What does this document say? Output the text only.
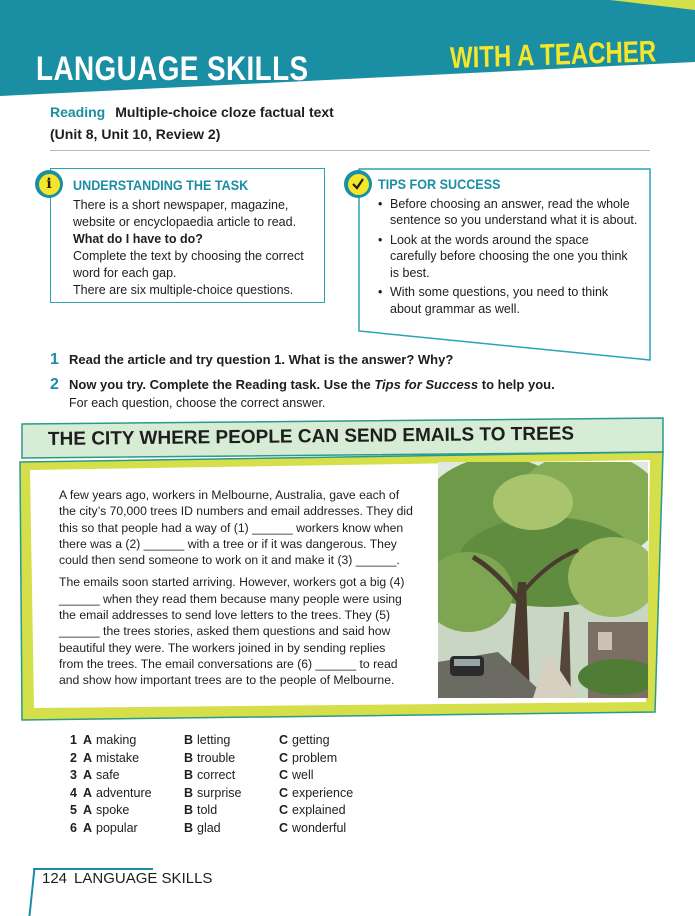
LANGUAGE SKILLS	WITH A TEACHER
Reading Multiple-choice cloze factual text
(Unit 8, Unit 10, Review 2)
UNDERSTANDING THE TASK
There is a short newspaper, magazine, website or encyclopaedia article to read.
What do I have to do?
Complete the text by choosing the correct word for each gap.
There are six multiple-choice questions.
i	TIPS FOR SUCCESS
• Before choosing an answer, read the whole sentence so you understand what it is about.
• Look at the words around the space carefully before choosing the one you think is best.
• With some questions, you need to think about grammar as well.
1 Read the article and try question 1. What is the answer? Why?
2 Now you try. Complete the Reading task. Use the Tips for Success to help you.
For each question, choose the correct answer.
THE CITY WHERE PEOPLE CAN SEND EMAILS TO TREES

A few years ago, workers in Melbourne, Australia, gave each of
the city’s 70,000 trees ID numbers and email addresses. They did
this so that people had a way of (1) ______ workers know when
there was a (2) ______ with a tree or if it was dangerous. They
could then send someone to work on it and make it (3) ______.

The emails soon started arriving. However, workers got a big (4)
______ when they read them because many people were using
the email addresses to send love letters to the trees. They (5)
______ the trees stories, asked them questions and said how
beautiful they were. The workers joined in by sending replies
from the trees. The email conversations are (6) ______ to read
and show how important trees are to the people of Melbourne.

1 A making	B letting	C getting
2 A mistake	B trouble	C problem
3 A safe	B correct	C well
4 A adventure	B surprise	C experience
5 A spoke	B told	C explained
6 A popular	B glad	C wonderful
124 LANGUAGE SKILLS
